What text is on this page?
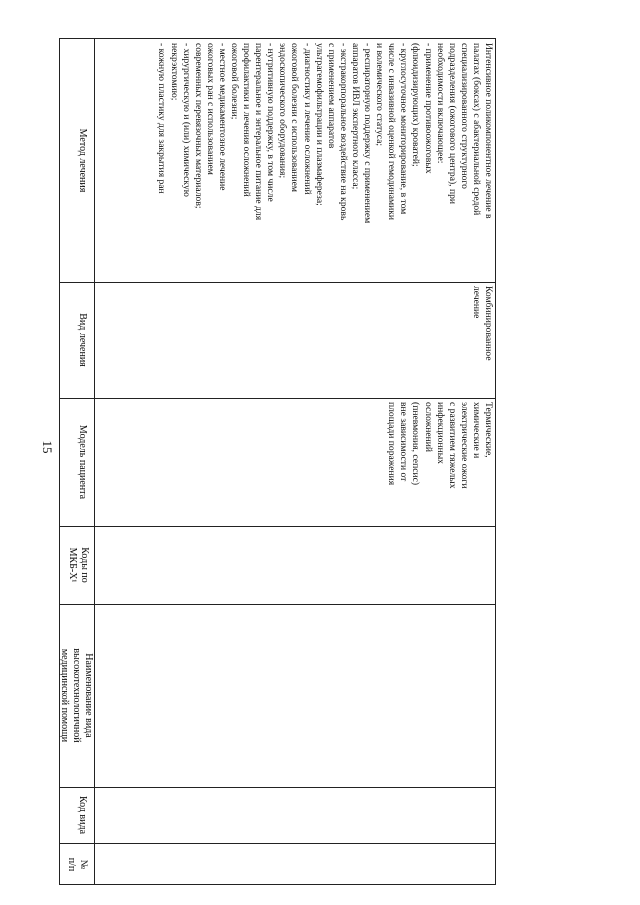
15
Метод лечения
Вид лечения
Модель пациента
Коды по
МКБ-Х¹
Наименование вида
высокотехнологичной
медицинской помощи
Код вида
№
п/п
Интенсивное поликомпонентное лечение в
палатах (боксах) с абактериальной средой
специализированного структурного
подразделения (ожогового центра), при
необходимости включающее:
- применение противоожоговых
(флюидизирующих) кроватей;
- круглосуточное мониторирование, в том
числе с инвазивной оценкой гемодинамики
и волемического статуса;
- респираторную поддержку с применением
аппаратов ИВЛ экспертного класса;
- экстракорпоральное воздействие на кровь
с применением аппаратов
ультрагемофильтрации и плазмафереза;
- диагностику и лечение осложнений
ожоговой болезни с использованием
эндоскопического оборудования;
- нутритивную поддержку, в том числе
парентеральное и энтеральное питание для
профилактики и лечения осложнений
ожоговой болезни;
- местное медикаментозное лечение
ожоговых ран с использованием
современных перевязочных материалов;
- хирургическую и (или) химическую
некрэктомию;
- кожную пластику для закрытия ран
Комбинированное
лечение
Термические,
химические и
электрические ожоги
с развитием тяжелых
инфекционных
осложнений
(пневмония, сепсис)
вне зависимости от
площади поражения
